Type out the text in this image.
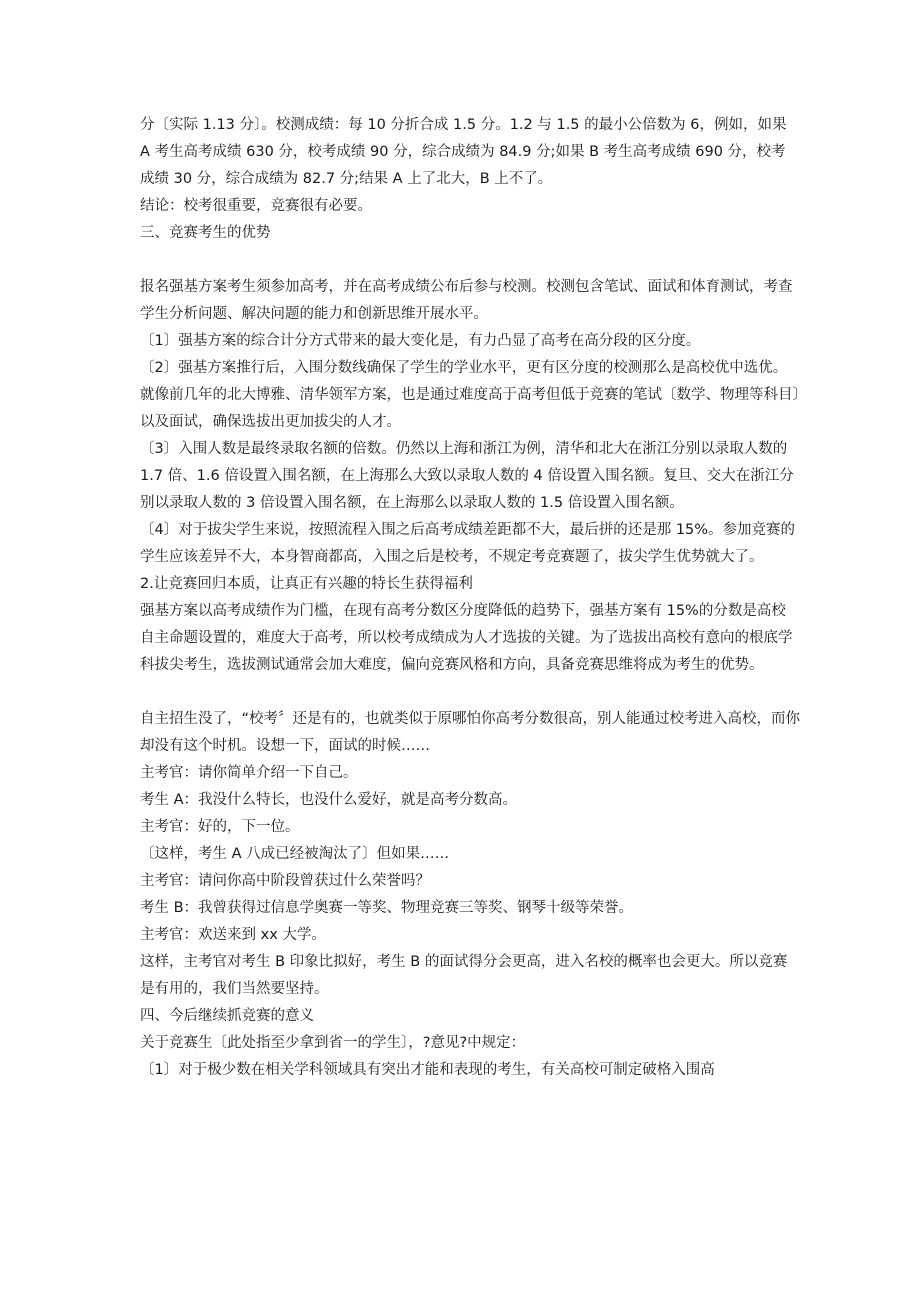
分〔实际 1.13 分〕。校测成绩：每 10 分折合成 1.5 分。1.2 与 1.5 的最小公倍数为 6，例如，如果 A 考生高考成绩 630 分，校考成绩 90 分，综合成绩为 84.9 分;如果 B 考生高考成绩 690 分，校考成绩 30 分，综合成绩为 82.7 分;结果 A 上了北大，B 上不了。

结论：校考很重要，竞赛很有必要。

三、竞赛考生的优势

报名强基方案考生须参加高考，并在高考成绩公布后参与校测。校测包含笔试、面试和体育测试，考查学生分析问题、解决问题的能力和创新思维开展水平。

〔1〕强基方案的综合计分方式带来的最大变化是，有力凸显了高考在高分段的区分度。

〔2〕强基方案推行后，入围分数线确保了学生的学业水平，更有区分度的校测那么是高校优中选优。就像前几年的北大博雅、清华领军方案，也是通过难度高于高考但低于竞赛的笔试〔数学、物理等科目〕以及面试，确保选拔出更加拔尖的人才。

〔3〕入围人数是最终录取名额的倍数。仍然以上海和浙江为例，清华和北大在浙江分别以录取人数的 1.7 倍、1.6 倍设置入围名额，在上海那么大致以录取人数的 4 倍设置入围名额。复旦、交大在浙江分别以录取人数的 3 倍设置入围名额，在上海那么以录取人数的 1.5 倍设置入围名额。

〔4〕对于拔尖学生来说，按照流程入围之后高考成绩差距都不大，最后拼的还是那 15%。参加竞赛的学生应该差异不大，本身智商都高，入围之后是校考，不规定考竞赛题了，拔尖学生优势就大了。

2.让竞赛回归本质，让真正有兴趣的特长生获得福利

强基方案以高考成绩作为门槛，在现有高考分数区分度降低的趋势下，强基方案有 15%的分数是高校自主命题设置的，难度大于高考，所以校考成绩成为人才选拔的关键。为了选拔出高校有意向的根底学科拔尖考生，选拔测试通常会加大难度，偏向竞赛风格和方向，具备竞赛思维将成为考生的优势。

自主招生没了，“校考〞还是有的，也就类似于原哪怕你高考分数很高，别人能通过校考进入高校，而你却没有这个时机。设想一下，面试的时候……

主考官：请你简单介绍一下自己。

考生 A：我没什么特长，也没什么爱好，就是高考分数高。

主考官：好的，下一位。

〔这样，考生 A 八成已经被淘汰了〕但如果……

主考官：请问你高中阶段曾获过什么荣誉吗？

考生 B：我曾获得过信息学奥赛一等奖、物理竞赛三等奖、钢琴十级等荣誉。

主考官：欢送来到 xx 大学。

这样，主考官对考生 B 印象比拟好，考生 B 的面试得分会更高，进入名校的概率也会更大。所以竞赛是有用的，我们当然要坚持。

四、今后继续抓竞赛的意义

关于竞赛生〔此处指至少拿到省一的学生〕，?意见?中规定：

〔1〕对于极少数在相关学科领域具有突出才能和表现的考生，有关高校可制定破格入围高
